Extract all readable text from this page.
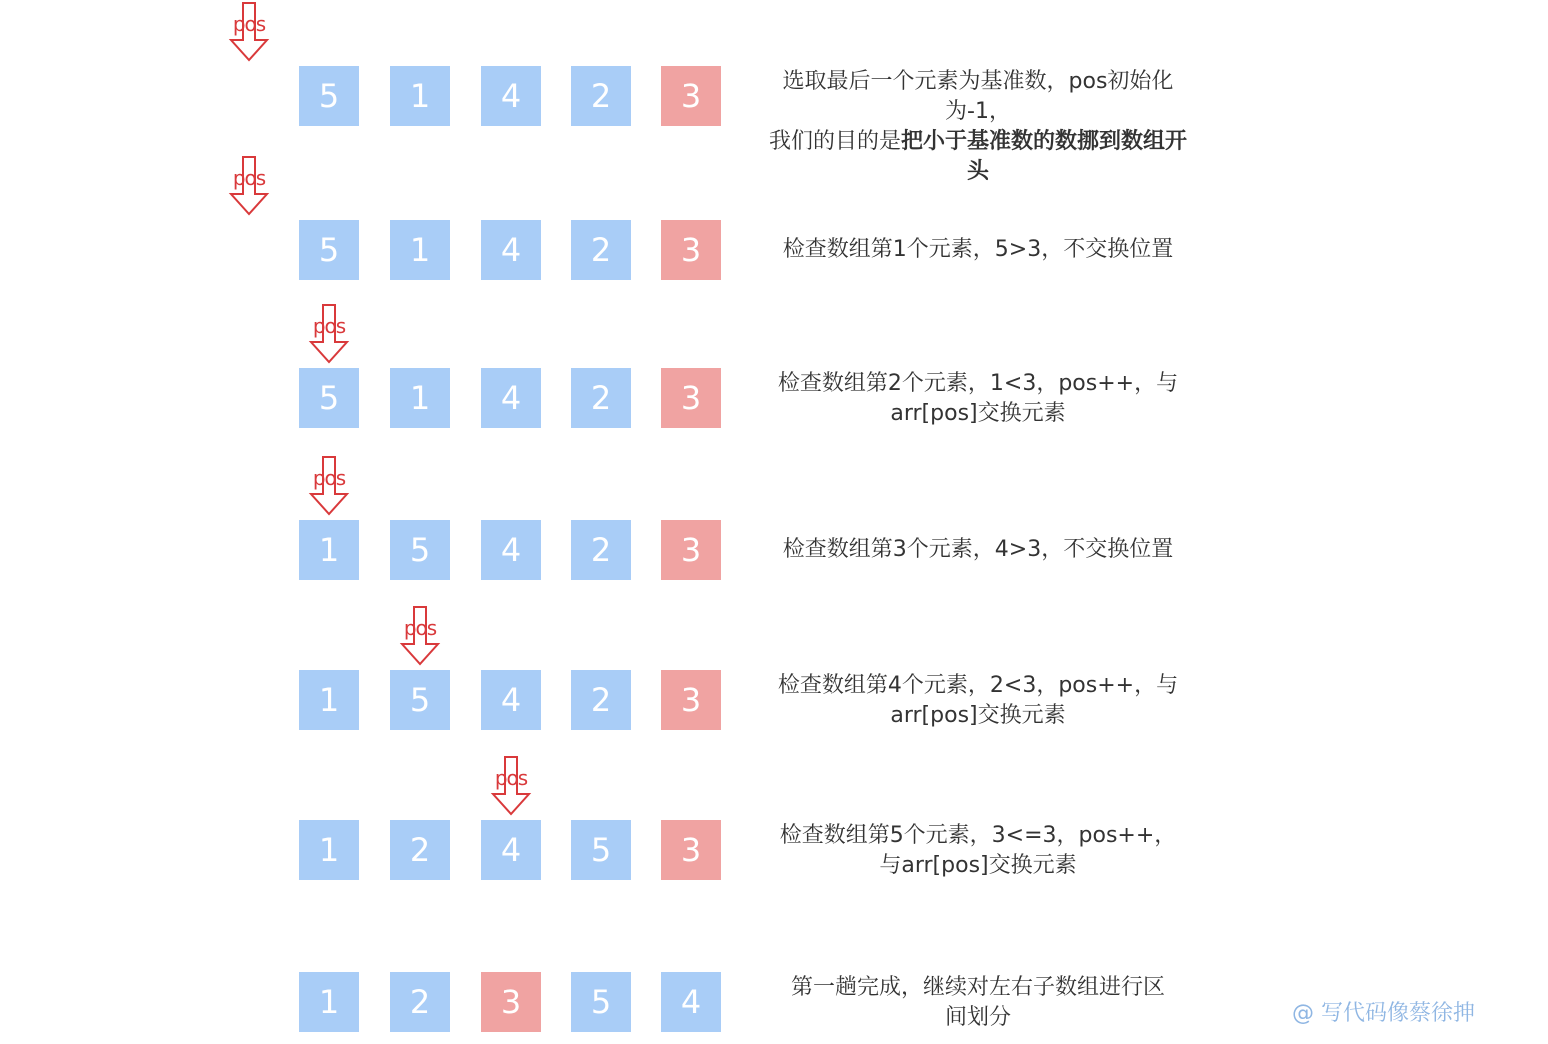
5	1	4	2	3
pos
选取最后一个元素为基准数，pos初始化为-1，
我们的目的是把小于基准数的数挪到数组开头
5	1	4	2	3
pos
检查数组第1个元素，5>3，不交换位置
5	1	4	2	3
pos
检查数组第2个元素，1<3，pos++，与
arr[pos]交换元素
1	5	4	2	3
pos
检查数组第3个元素，4>3，不交换位置
1	5	4	2	3
pos
检查数组第4个元素，2<3，pos++，与
arr[pos]交换元素
1	2	4	5	3
pos
检查数组第5个元素，3<=3，pos++，
与arr[pos]交换元素
1	2	3	5	4	第一趟完成，继续对左右子数组进行区
间划分	@ 写代码像蔡徐抻
